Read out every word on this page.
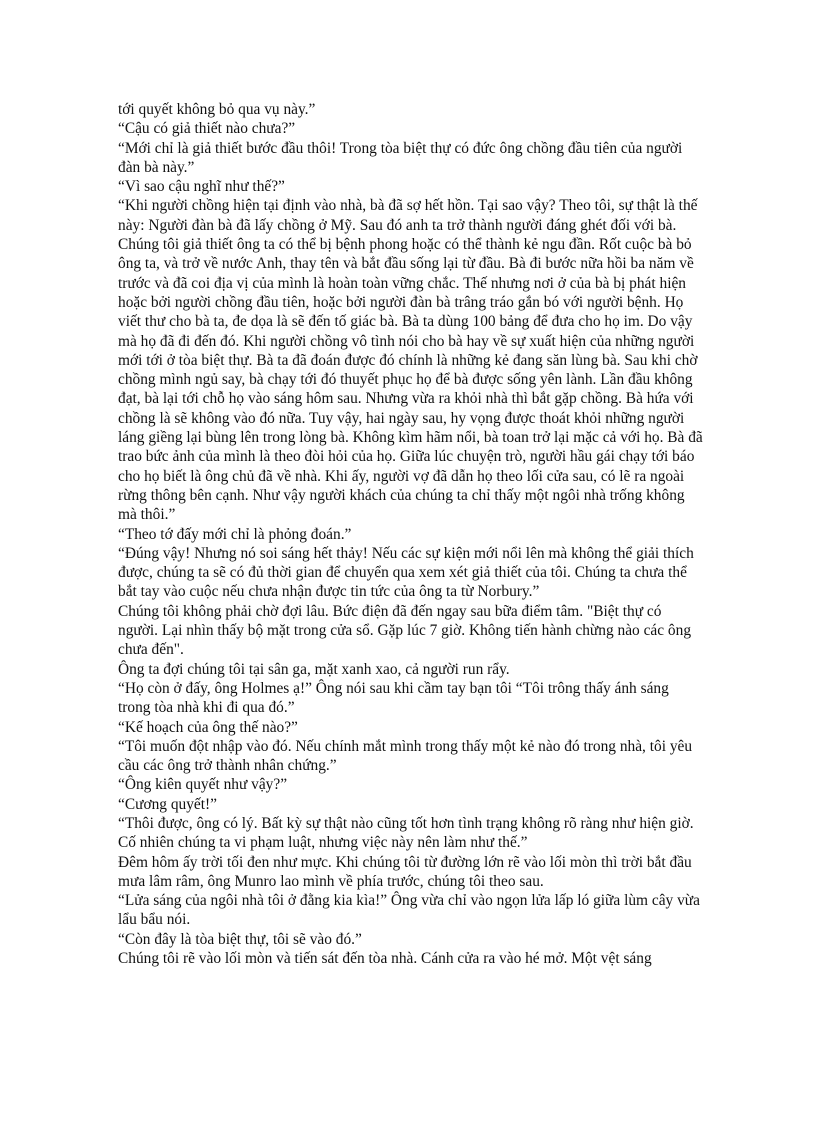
tới quyết không bỏ qua vụ này.”

“Cậu có giả thiết nào chưa?”

“Mới chỉ là giả thiết bước đầu thôi! Trong tòa biệt thự có đức ông chồng đầu tiên của người đàn bà này.”

“Vì sao cậu nghĩ như thế?”

“Khi người chồng hiện tại định vào nhà, bà đã sợ hết hồn. Tại sao vậy? Theo tôi, sự thật là thế này: Người đàn bà đã lấy chồng ở Mỹ. Sau đó anh ta trở thành người đáng ghét đối với bà. Chúng tôi giả thiết ông ta có thể bị bệnh phong hoặc có thể thành kẻ ngu đần. Rốt cuộc bà bỏ ông ta, và trở về nước Anh, thay tên và bắt đầu sống lại từ đầu. Bà đi bước nữa hồi ba năm về trước và đã coi địa vị của mình là hoàn toàn vững chắc. Thế nhưng nơi ở của bà bị phát hiện hoặc bởi người chồng đầu tiên, hoặc bởi người đàn bà trâng tráo gắn bó với người bệnh. Họ viết thư cho bà ta, đe dọa là sẽ đến tố giác bà. Bà ta dùng 100 bảng để đưa cho họ im. Do vậy mà họ đã đi đến đó. Khi người chồng vô tình nói cho bà hay về sự xuất hiện của những người mới tới ở tòa biệt thự. Bà ta đã đoán được đó chính là những kẻ đang săn lùng bà. Sau khi chờ chồng mình ngủ say, bà chạy tới đó thuyết phục họ để bà được sống yên lành. Lần đầu không đạt, bà lại tới chỗ họ vào sáng hôm sau. Nhưng vừa ra khỏi nhà thì bắt gặp chồng. Bà hứa với chồng là sẽ không vào đó nữa. Tuy vậy, hai ngày sau, hy vọng được thoát khỏi những người láng giềng lại bùng lên trong lòng bà. Không kìm hãm nổi, bà toan trở lại mặc cả với họ. Bà đã trao bức ảnh của mình là theo đòi hỏi của họ. Giữa lúc chuyện trò, người hầu gái chạy tới báo cho họ biết là ông chủ đã về nhà. Khi ấy, người vợ đã dẫn họ theo lối cửa sau, có lẽ ra ngoài rừng thông bên cạnh. Như vậy người khách của chúng ta chỉ thấy một ngôi nhà trống không mà thôi.”

“Theo tớ đấy mới chỉ là phỏng đoán.”

“Đúng vậy! Nhưng nó soi sáng hết thảy! Nếu các sự kiện mới nổi lên mà không thể giải thích được, chúng ta sẽ có đủ thời gian để chuyển qua xem xét giả thiết của tôi. Chúng ta chưa thể bắt tay vào cuộc nếu chưa nhận được tin tức của ông ta từ Norbury.”

Chúng tôi không phải chờ đợi lâu. Bức điện đã đến ngay sau bữa điểm tâm. "Biệt thự có người. Lại nhìn thấy bộ mặt trong cửa sổ. Gặp lúc 7 giờ. Không tiến hành chừng nào các ông chưa đến".

Ông ta đợi chúng tôi tại sân ga, mặt xanh xao, cả người run rẩy.

“Họ còn ở đấy, ông Holmes ạ!” Ông nói sau khi cầm tay bạn tôi “Tôi trông thấy ánh sáng trong tòa nhà khi đi qua đó.”

“Kế hoạch của ông thế nào?”

“Tôi muốn đột nhập vào đó. Nếu chính mắt mình trong thấy một kẻ nào đó trong nhà, tôi yêu cầu các ông trở thành nhân chứng.”

“Ông kiên quyết như vậy?”

“Cương quyết!”

“Thôi được, ông có lý. Bất kỳ sự thật nào cũng tốt hơn tình trạng không rõ ràng như hiện giờ. Cố nhiên chúng ta vi phạm luật, nhưng việc này nên làm như thế.”

Đêm hôm ấy trời tối đen như mực. Khi chúng tôi từ đường lớn rẽ vào lối mòn thì trời bắt đầu mưa lâm râm, ông Munro lao mình về phía trước, chúng tôi theo sau.

“Lửa sáng của ngôi nhà tôi ở đằng kia kìa!” Ông vừa chỉ vào ngọn lửa lấp ló giữa lùm cây vừa lẩu bẩu nói.

“Còn đây là tòa biệt thự, tôi sẽ vào đó.”

Chúng tôi rẽ vào lối mòn và tiến sát đến tòa nhà. Cánh cửa ra vào hé mở. Một vệt sáng
